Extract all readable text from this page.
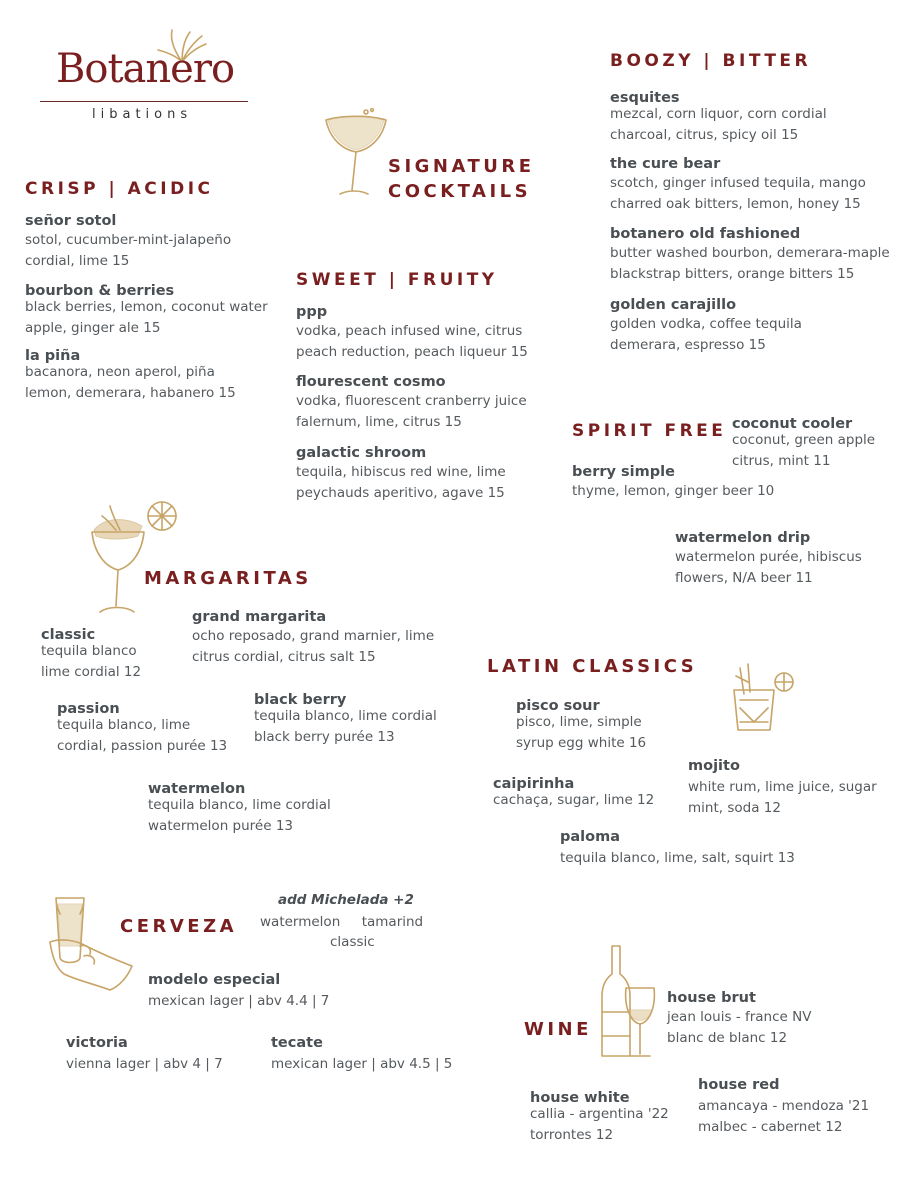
Botanero
libations
SIGNATURE
COCKTAILS
CRISP | ACIDIC
señor sotol
sotol, cucumber-mint-jalapeño
cordial, lime 15
bourbon & berries
black berries, lemon, coconut water
apple, ginger ale 15
la piña
bacanora, neon aperol, piña
lemon, demerara, habanero 15
SWEET | FRUITY
ppp
vodka, peach infused wine, citrus
peach reduction, peach liqueur 15
flourescent cosmo
vodka, fluorescent cranberry juice
falernum, lime, citrus 15
galactic shroom
tequila, hibiscus red wine, lime
peychauds aperitivo, agave 15
BOOZY | BITTER
esquites
mezcal, corn liquor, corn cordial
charcoal, citrus, spicy oil 15
the cure bear
scotch, ginger infused tequila, mango
charred oak bitters, lemon, honey 15
botanero old fashioned
butter washed bourbon, demerara-maple
blackstrap bitters, orange bitters 15
golden carajillo
golden vodka, coffee tequila
demerara, espresso 15
SPIRIT FREE coconut cooler
coconut, green apple
citrus, mint 11
berry simple
thyme, lemon, ginger beer 10
watermelon drip
watermelon purée, hibiscus
flowers, N/A beer 11
MARGARITAS
classic
tequila blanco
lime cordial 12
grand margarita
ocho reposado, grand marnier, lime
citrus cordial, citrus salt 15
passion
tequila blanco, lime
cordial, passion purée 13
black berry
tequila blanco, lime cordial
black berry purée 13
watermelon
tequila blanco, lime cordial
watermelon purée 13
LATIN CLASSICS
pisco sour
pisco, lime, simple
syrup egg white 16
caipirinha
cachaça, sugar, lime 12
mojito
white rum, lime juice, sugar
mint, soda 12
paloma
tequila blanco, lime, salt, squirt 13
CERVEZA
add Michelada +2
watermelon     tamarind
classic
modelo especial
mexican lager | abv 4.4 | 7
victoria
vienna lager | abv 4 | 7
tecate
mexican lager | abv 4.5 | 5
WINE
house brut
jean louis - france NV
blanc de blanc 12
house white
callia - argentina '22
torrontes 12
house red
amancaya - mendoza '21
malbec - cabernet 12
